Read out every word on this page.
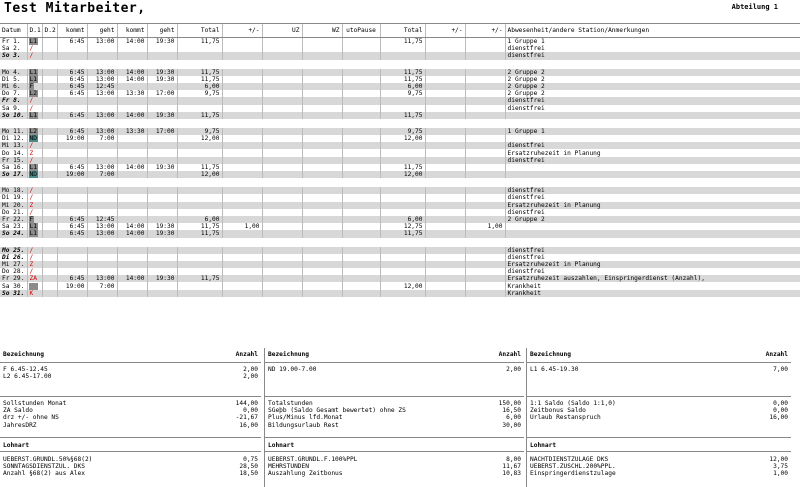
Test Mitarbeiter,	Abteilung 1
Datum	D.1	D.2	kommt	geht	kommt	geht	Total	+/-	UZ	WZ	utoPause	Total	+/-	+/-	Abwesenheit/andere Station/Anmerkungen
Fr 1.	L1		6:45	13:00	14:00	19:30	11,75					11,75			1 Gruppe 1
Sa 2.	/														dienstfrei
So 3.	/														dienstfrei

Mo 4.	L1		6:45	13:00	14:00	19:30	11,75					11,75			2 Gruppe 2
Di 5.	L1		6:45	13:00	14:00	19:30	11,75					11,75			2 Gruppe 2
Mi 6.	F		6:45	12:45			6,00					6,00			2 Gruppe 2
Do 7.	L2		6:45	13:00	13:30	17:00	9,75					9,75			2 Gruppe 2
Fr 8.	/														dienstfrei
Sa 9.	/														dienstfrei
So 10.	L1		6:45	13:00	14:00	19:30	11,75					11,75			

Mo 11.	L2		6:45	13:00	13:30	17:00	9,75					9,75			1 Gruppe 1
Di 12.	ND		19:00	7:00			12,00					12,00			
Mi 13.	/														dienstfrei
Do 14.	Z														Ersatzruhezeit in Planung
Fr 15.	/														dienstfrei
Sa 16.	L1		6:45	13:00	14:00	19:30	11,75					11,75			
So 17.	ND		19:00	7:00			12,00					12,00			

Mo 18.	/														dienstfrei
Di 19.	/														dienstfrei
Mi 20.	Z														Ersatzruhezeit in Planung
Do 21.	/														dienstfrei
Fr 22.	F		6:45	12:45			6,00					6,00			2 Gruppe 2
Sa 23.	L1		6:45	13:00	14:00	19:30	11,75	1,00				12,75		1,00	
So 24.	L1		6:45	13:00	14:00	19:30	11,75					11,75			

Mo 25.	/														dienstfrei
Di 26.	/														dienstfrei
Mi 27.	Z														Ersatzruhezeit in Planung
Do 28.	/														dienstfrei
Fr 29.	ZA		6:45	13:00	14:00	19:30	11,75								Ersatzruhezeit auszahlen, Einspringerdienst (Anzahl),
Sa 30.	KR		19:00	7:00								12,00			Krankheit
So 31.	K														Krankheit
Bezeichnung	Anzahl
F 6.45-12.45	2,00
L2 6.45-17.00	2,00
Sollstunden Monat	144,00
ZA Saldo	0,00
drz +/- ohne NS	-21,67
JahresDRZ	16,00
Lohnart
UEBERST.GRUNDL.50%§68(2)	0,75
SONNTAGSDIENSTZUL. DKS	28,50
Anzahl §68(2) aus Alex	18,50
Bezeichnung	Anzahl
ND 19.00-7.00	2,00
Totalstunden	150,00
SGeþb (Saldo Gesamt bewertet) ohne ZS	16,50
Plus/Minus lfd.Monat	6,00
Bildungsurlaub Rest	30,00
Lohnart
UEBERST.GRUNDL.F.100%PPL	8,00
MEHRSTUNDEN	11,67
Auszahlung Zeitbonus	10,83
Bezeichnung	Anzahl
L1 6.45-19.30	7,00
1:1 Saldo (Saldo 1:1,0)	0,00
Zeitbonus Saldo	0,00
Urlaub Restanspruch	16,00
Lohnart
NACHTDIENSTZULAGE DKS	12,00
UEBERST.ZUSCHL.200%PPL.	3,75
Einspringerdienstzulage	1,00
